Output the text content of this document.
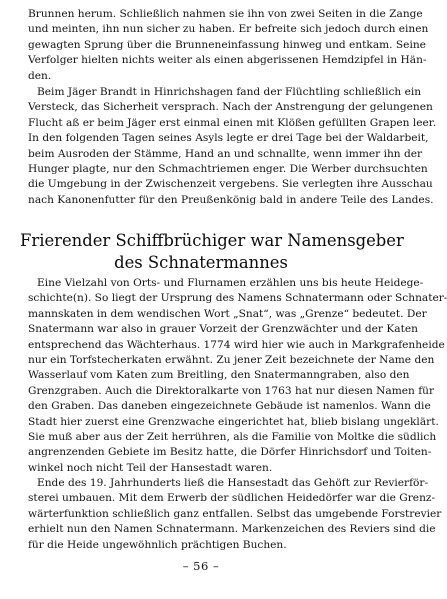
Brunnen herum. Schließlich nahmen sie ihn von zwei Seiten in die Zange
und meinten, ihn nun sicher zu haben. Er befreite sich jedoch durch einen
gewagten Sprung über die Brunneneinfassung hinweg und entkam. Seine
Verfolger hielten nichts weiter als einen abgerissenen Hemdzipfel in Hän-
den.
Beim Jäger Brandt in Hinrichshagen fand der Flüchtling schließlich ein
Versteck, das Sicherheit versprach. Nach der Anstrengung der gelungenen
Flucht aß er beim Jäger erst einmal einen mit Klößen gefüllten Grapen leer.
In den folgenden Tagen seines Asyls legte er drei Tage bei der Waldarbeit,
beim Ausroden der Stämme, Hand an und schnallte, wenn immer ihn der
Hunger plagte, nur den Schmachtriemen enger. Die Werber durchsuchten
die Umgebung in der Zwischenzeit vergebens. Sie verlegten ihre Ausschau
nach Kanonenfutter für den Preußenkönig bald in andere Teile des Landes.
Frierender Schiffbrüchiger war Namensgeber
des Schnatermannes
Eine Vielzahl von Orts- und Flurnamen erzählen uns bis heute Heidege-
schichte(n). So liegt der Ursprung des Namens Schnatermann oder Schnater-
mannskaten in dem wendischen Wort „Snat“, was „Grenze“ bedeutet. Der
Snatermann war also in grauer Vorzeit der Grenzwächter und der Katen
entsprechend das Wächterhaus. 1774 wird hier wie auch in Markgrafenheide
nur ein Torfstecherkaten erwähnt. Zu jener Zeit bezeichnete der Name den
Wasserlauf vom Katen zum Breitling, den Snatermanngraben, also den
Grenzgraben. Auch die Direktoralkarte von 1763 hat nur diesen Namen für
den Graben. Das daneben eingezeichnete Gebäude ist namenlos. Wann die
Stadt hier zuerst eine Grenzwache eingerichtet hat, blieb bislang ungeklärt.
Sie muß aber aus der Zeit herrühren, als die Familie von Moltke die südlich
angrenzenden Gebiete im Besitz hatte, die Dörfer Hinrichsdorf und Toiten-
winkel noch nicht Teil der Hansestadt waren.
Ende des 19. Jahrhunderts ließ die Hansestadt das Gehöft zur Revierför-
sterei umbauen. Mit dem Erwerb der südlichen Heidedörfer war die Grenz-
wärterfunktion schließlich ganz entfallen. Selbst das umgebende Forstrevier
erhielt nun den Namen Schnatermann. Markenzeichen des Reviers sind die
für die Heide ungewöhnlich prächtigen Buchen.
– 56 –
